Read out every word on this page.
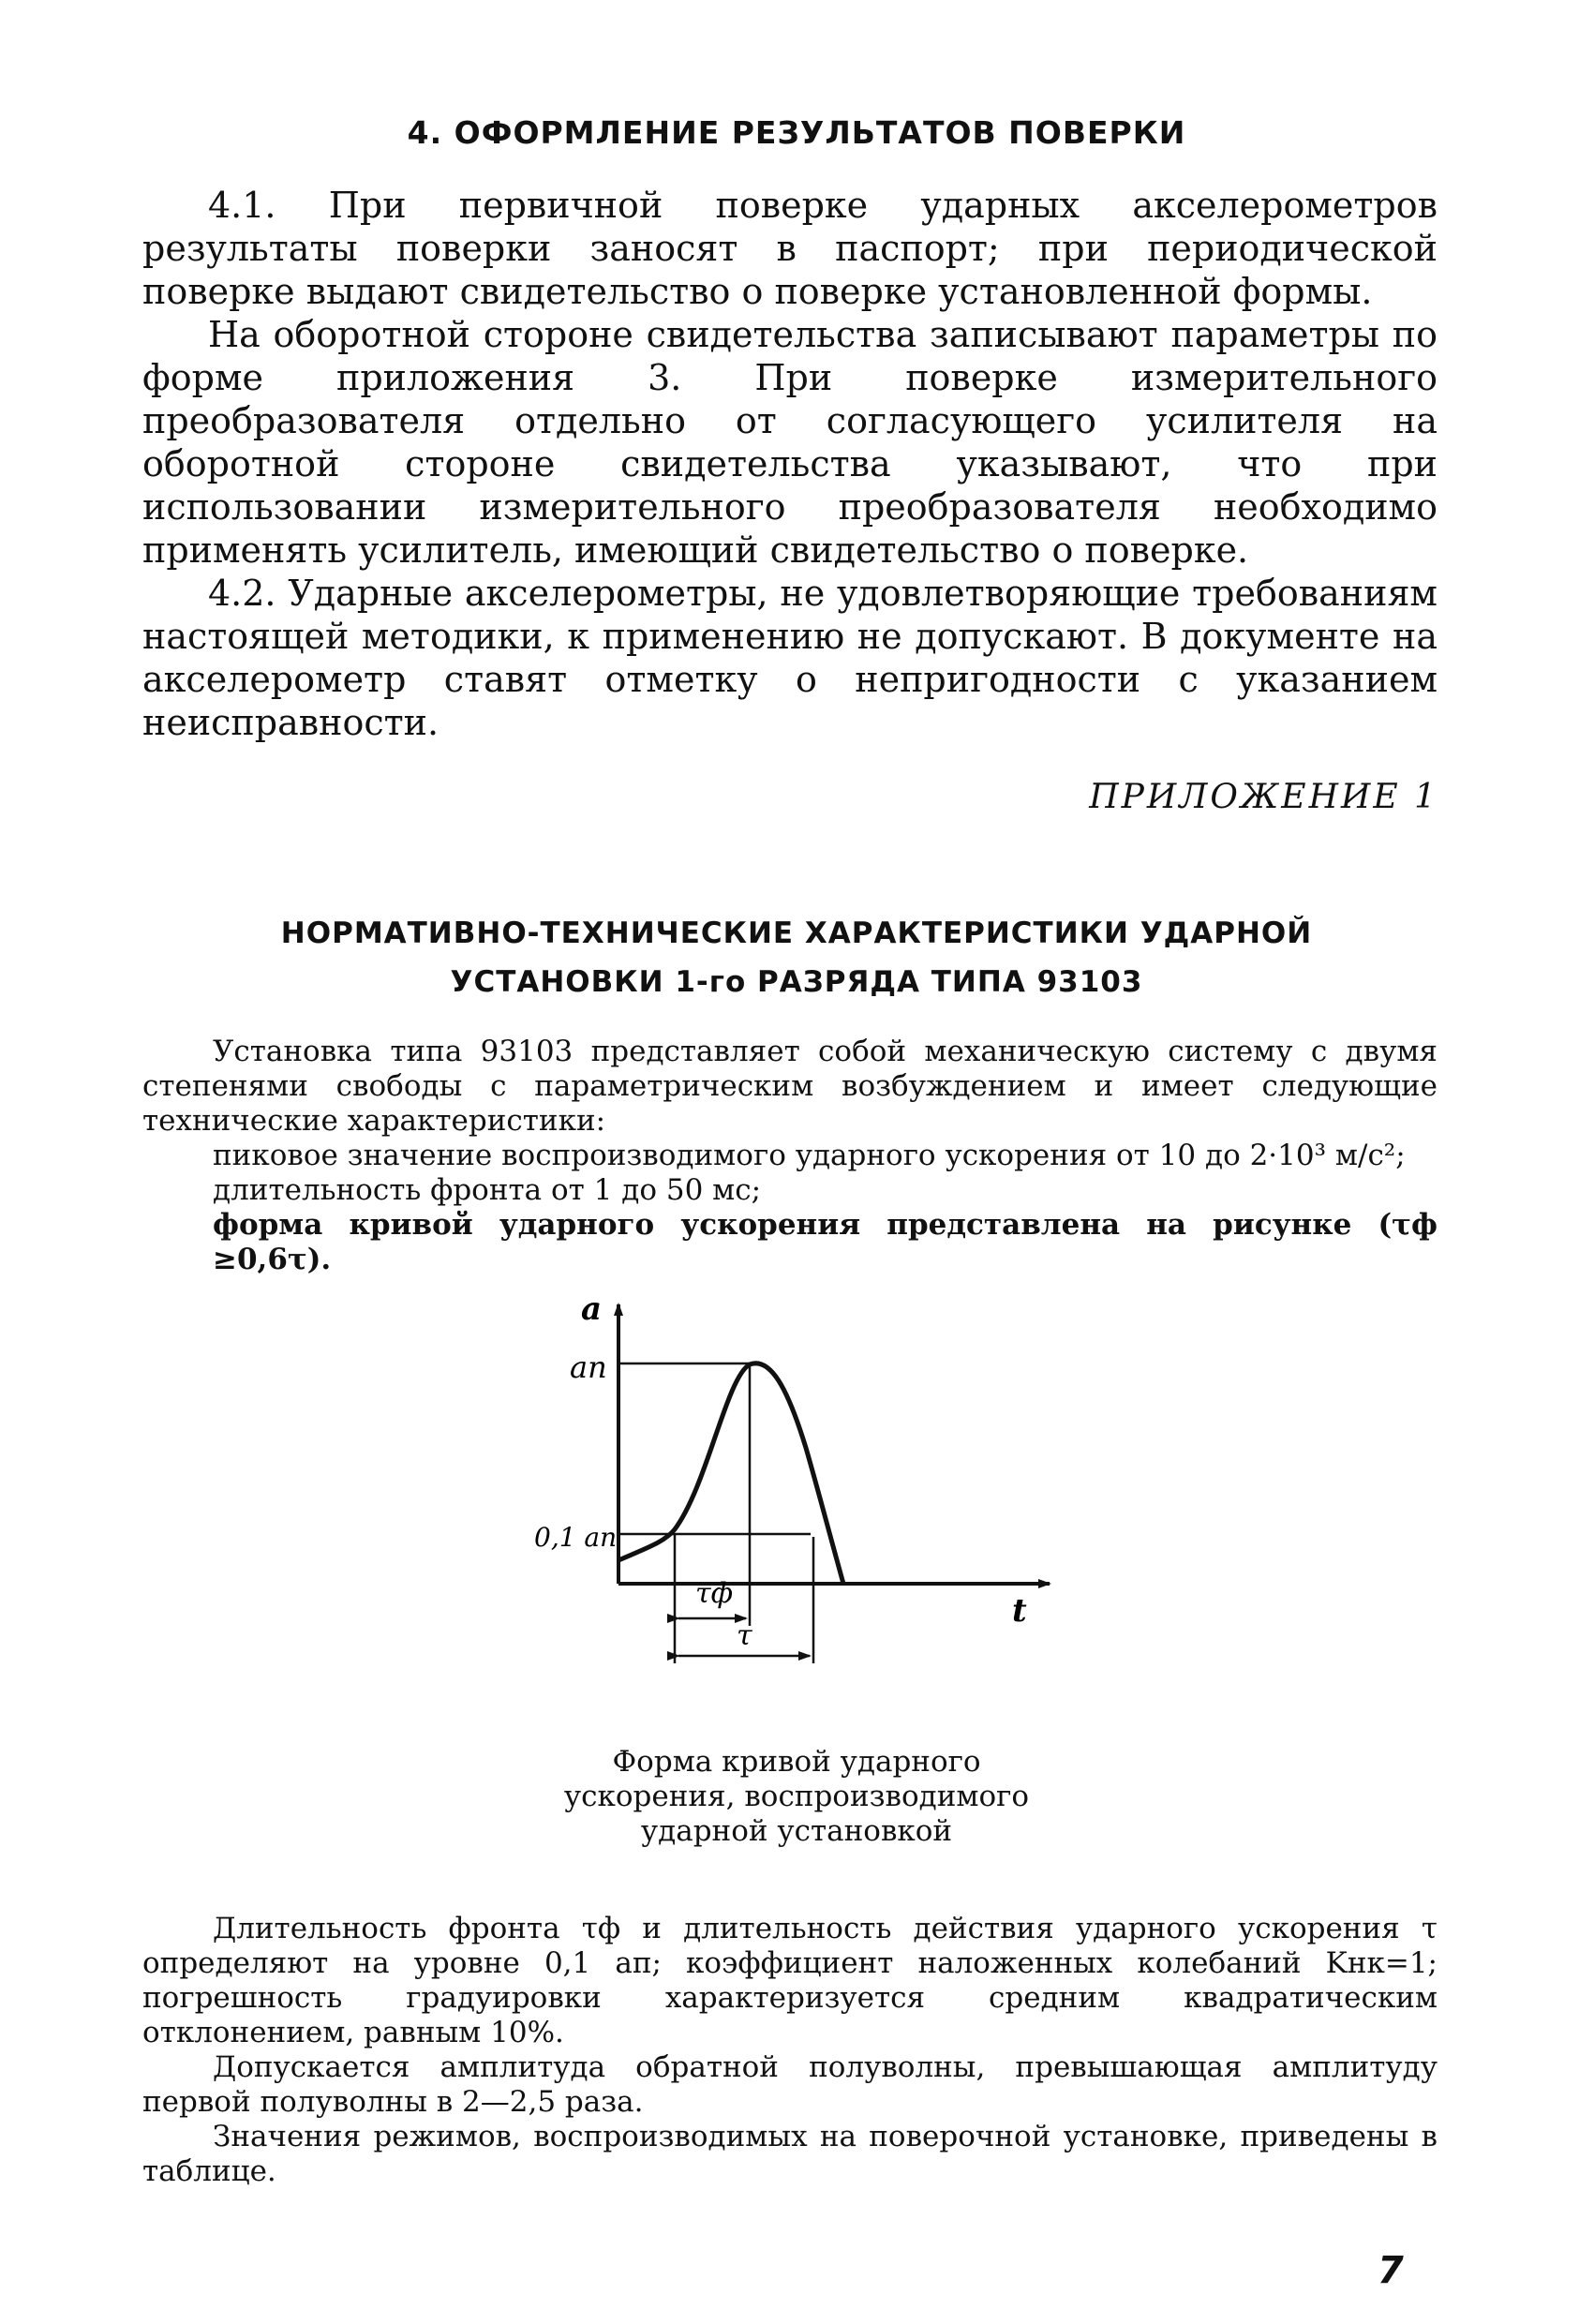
4. ОФОРМЛЕНИЕ РЕЗУЛЬТАТОВ ПОВЕРКИ

4.1. При первичной поверке ударных акселерометров результаты поверки заносят в паспорт; при периодической поверке выдают свидетельство о поверке установленной формы.

На оборотной стороне свидетельства записывают параметры по форме приложения 3. При поверке измерительного преобразователя отдельно от согласующего усилителя на оборотной стороне свидетельства указывают, что при использовании измерительного преобразователя необходимо применять усилитель, имеющий свидетельство о поверке.

4.2. Ударные акселерометры, не удовлетворяющие требованиям настоящей методики, к применению не допускают. В документе на акселерометр ставят отметку о непригодности с указанием неисправности.

ПРИЛОЖЕНИЕ 1
НОРМАТИВНО-ТЕХНИЧЕСКИЕ ХАРАКТЕРИСТИКИ УДАРНОЙ
УСТАНОВКИ 1-го РАЗРЯДА ТИПА 93103

Установка типа 93103 представляет собой механическую систему с двумя степенями свободы с параметрическим возбуждением и имеет следующие технические характеристики:

пиковое значение воспроизводимого ударного ускорения от 10 до 2·10³ м/с²;

длительность фронта от 1 до 50 мс;

форма кривой ударного ускорения представлена на рисунке (τф ≥0,6τ).

a
t
aп
0,1 aп
τф
τ
Форма кривой ударного
ускорения, воспроизводимого
ударной установкой

Длительность фронта τф и длительность действия ударного ускорения τ определяют на уровне 0,1 aп; коэффициент наложенных колебаний Kнк=1; погрешность градуировки характеризуется средним квадратическим отклонением, равным 10%.

Допускается амплитуда обратной полуволны, превышающая амплитуду первой полуволны в 2—2,5 раза.

Значения режимов, воспроизводимых на поверочной установке, приведены в таблице.

7
